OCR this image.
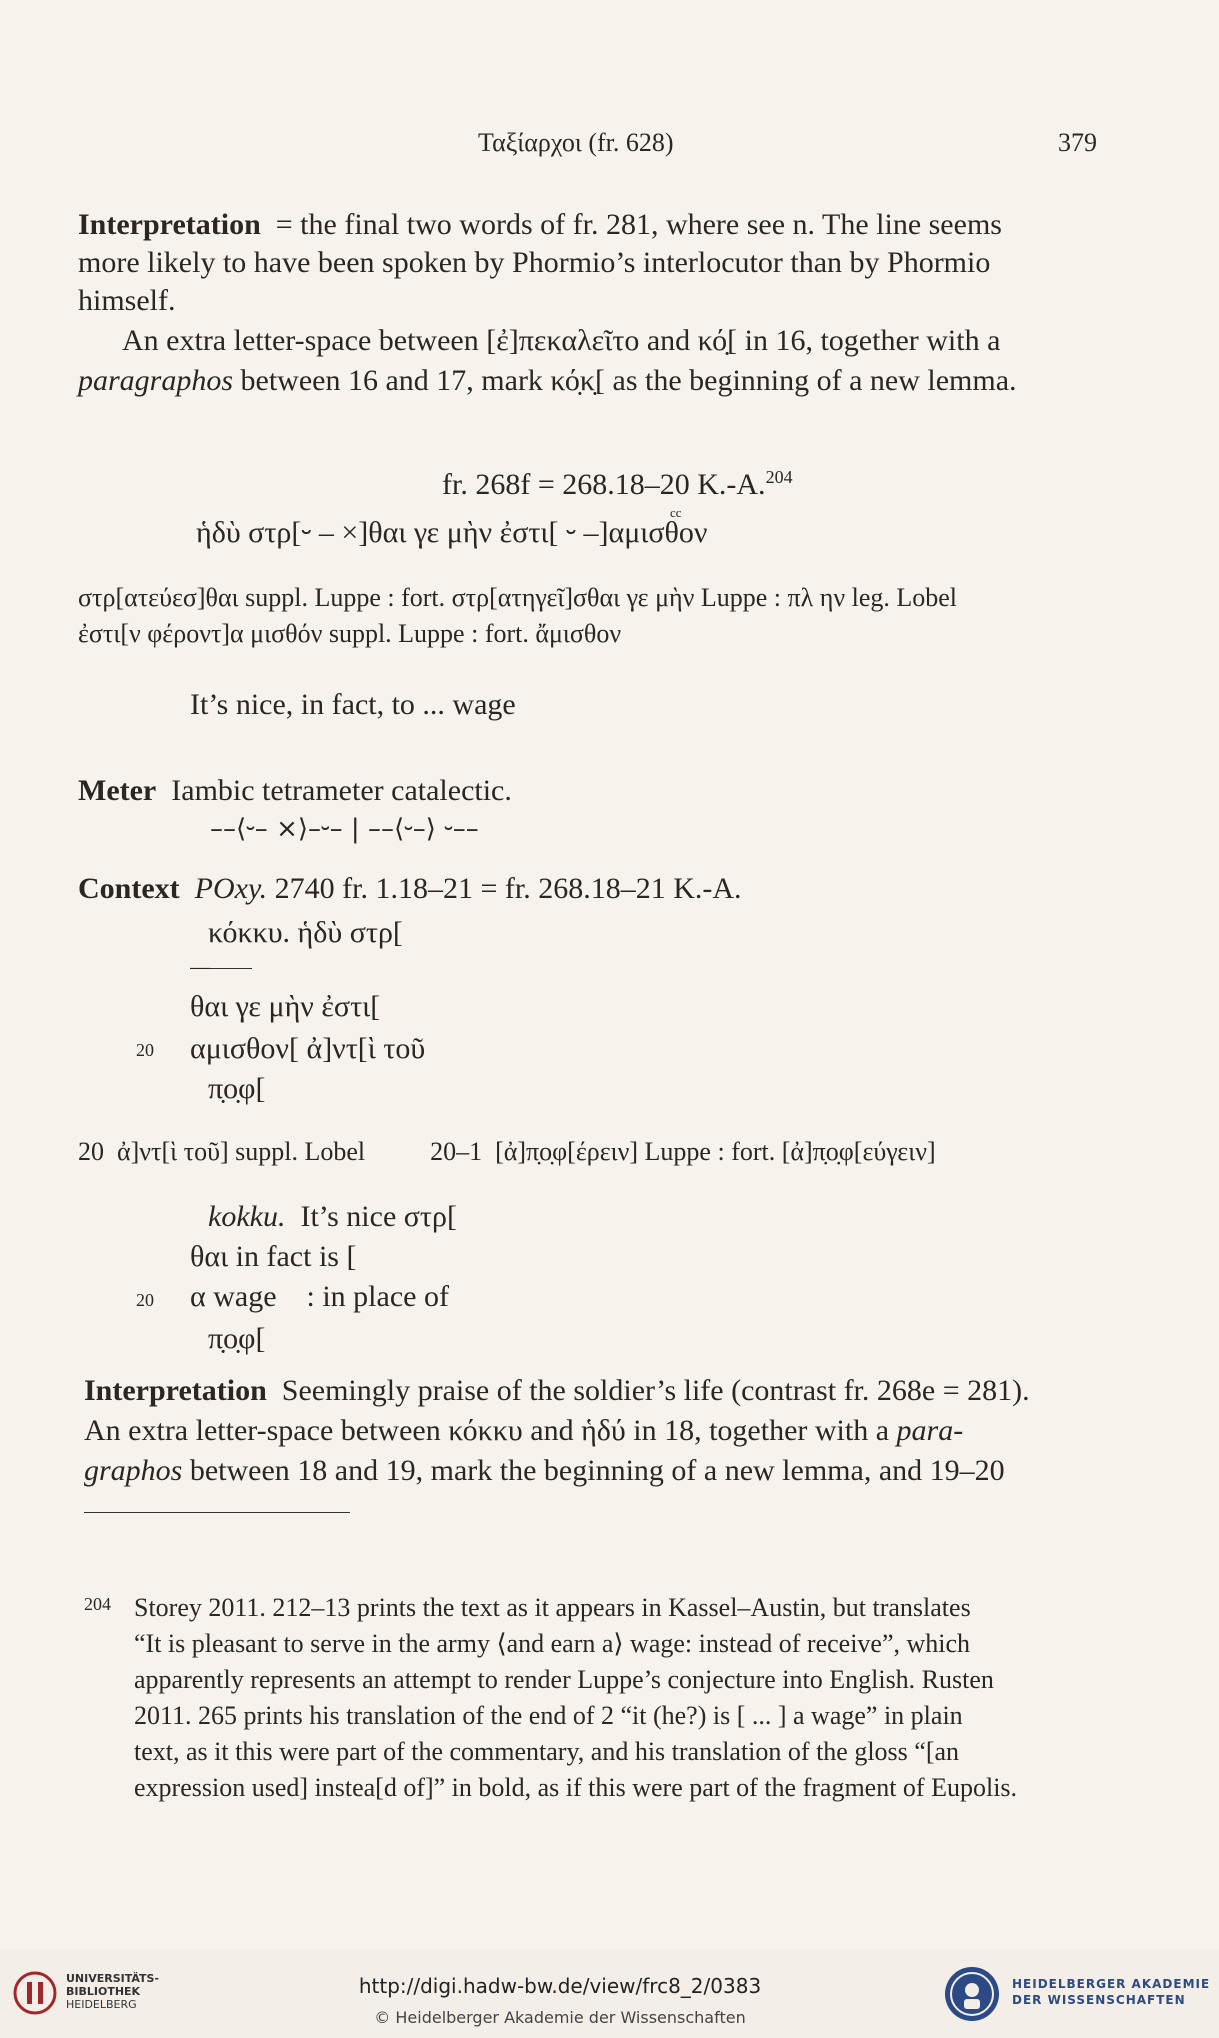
Ταξίαρχοι (fr. 628)	379
Interpretation = the final two words of fr. 281, where see n. The line seems
more likely to have been spoken by Phormio’s interlocutor than by Phormio
himself.
An extra letter-space between [ἐ]πεκαλεῖτο and κό̣[ in 16, together with a
paragraphos between 16 and 17, mark κό̣κ̣[ as the beginning of a new lemma.
fr. 268f = 268.18–20 K.-A.$^{204}$
ἡδὺ στρ[⏑ – ×]θαι γε μὴν ἐστι[ ⏑ –]αμισθον
cc
στρ[ατεύεσ]θαι suppl. Luppe : fort. στρ[ατηγεῖ]σθαι γε μὴν Luppe : πλ ην leg. Lobel
ἐστι[ν φέροντ]α μισθόν suppl. Luppe : fort. ἄμισθον
It’s nice, in fact, to ... wage
Meter Iambic tetrameter catalectic.
––⟨⏑– ×⟩–⏑– | ––⟨⏑–⟩ ⏑––
Context POxy. 2740 fr. 1.18–21 = fr. 268.18–21 K.-A.
κόκκυ. ἡδὺ στρ[
⸏
θαι γε μὴν ἐστι[
20 αμισθον[ ἀ]ντ[ὶ τοῦ
π̣ο̣φ[
20  ἀ]ντ[ὶ τοῦ] suppl. Lobel          20–1  [ἀ]π̣ο̣φ[έρειν] Luppe : fort. [ἀ]π̣ο̣φ[εύγειν]
kokku. It’s nice στρ[
θαι in fact is [
20 α wage    : in place of
π̣ο̣φ[
Interpretation Seemingly praise of the soldier’s life (contrast fr. 268e = 281).
An extra letter-space between κόκκυ and ἡδύ in 18, together with a para-
graphos between 18 and 19, mark the beginning of a new lemma, and 19–20
204 Storey 2011. 212–13 prints the text as it appears in Kassel–Austin, but translates
“It is pleasant to serve in the army ⟨and earn a⟩ wage: instead of receive”, which
apparently represents an attempt to render Luppe’s conjecture into English. Rusten
2011. 265 prints his translation of the end of 2 “it (he?) is [ ... ] a wage” in plain
text, as it this were part of the commentary, and his translation of the gloss “[an
expression used] instea[d of]” in bold, as if this were part of the fragment of Eupolis.
UNIVERSITÄTS-
BIBLIOTHEK
HEIDELBERG
http://digi.hadw-bw.de/view/frc8_2/0383
© Heidelberger Akademie der Wissenschaften
HEIDELBERGER AKADEMIE
DER WISSENSCHAFTEN
